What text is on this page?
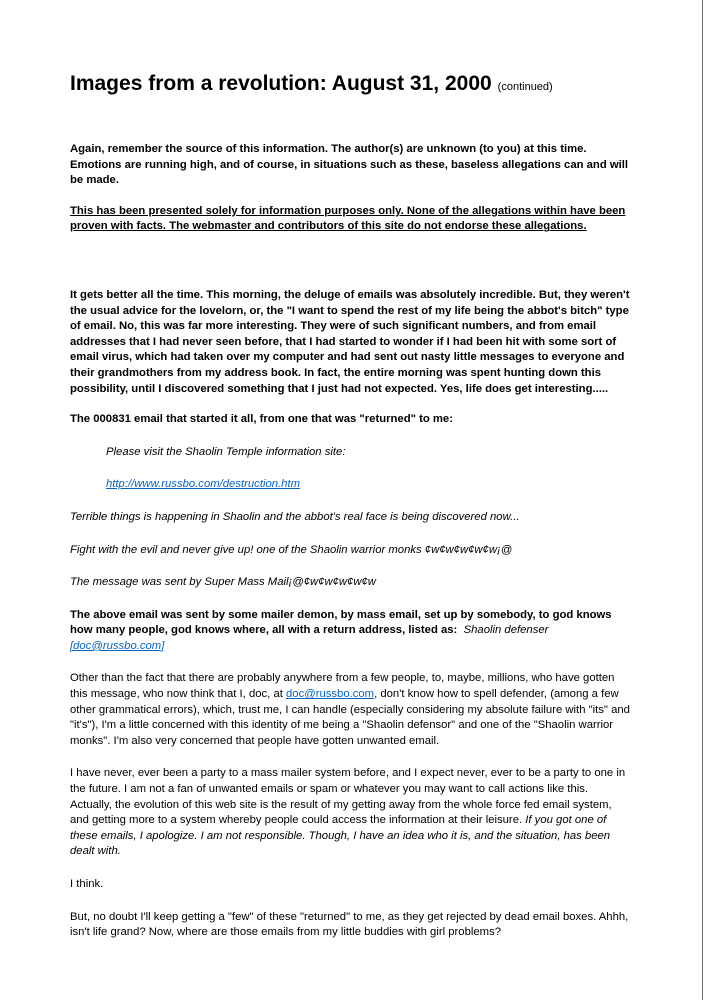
Images from a revolution: August 31, 2000 (continued)

Again, remember the source of this information. The author(s) are unknown (to you) at this time. Emotions are running high, and of course, in situations such as these, baseless allegations can and will be made.

This has been presented solely for information purposes only. None of the allegations within have been proven with facts. The webmaster and contributors of this site do not endorse these allegations.

It gets better all the time. This morning, the deluge of emails was absolutely incredible. But, they weren't the usual advice for the lovelorn, or, the "I want to spend the rest of my life being the abbot's bitch" type of email. No, this was far more interesting. They were of such significant numbers, and from email addresses that I had never seen before, that I had started to wonder if I had been hit with some sort of email virus, which had taken over my computer and had sent out nasty little messages to everyone and their grandmothers from my address book. In fact, the entire morning was spent hunting down this possibility, until I discovered something that I just had not expected. Yes, life does get interesting.....

The 000831 email that started it all, from one that was "returned" to me:

Please visit the Shaolin Temple information site:

http://www.russbo.com/destruction.htm

Terrible things is happening in Shaolin and the abbot's real face is being discovered now...

Fight with the evil and never give up! one of the Shaolin warrior monks ¢w¢w¢w¢w¢w¡@

The message was sent by Super Mass Mail¡@¢w¢w¢w¢w¢w

The above email was sent by some mailer demon, by mass email, set up by somebody, to god knows how many people, god knows where, all with a return address, listed as: Shaolin defenser [doc@russbo.com]

Other than the fact that there are probably anywhere from a few people, to, maybe, millions, who have gotten this message, who now think that I, doc, at doc@russbo.com, don't know how to spell defender, (among a few other grammatical errors), which, trust me, I can handle (especially considering my absolute failure with "its" and "it's"), I'm a little concerned with this identity of me being a "Shaolin defensor" and one of the "Shaolin warrior monks". I'm also very concerned that people have gotten unwanted email.

I have never, ever been a party to a mass mailer system before, and I expect never, ever to be a party to one in the future. I am not a fan of unwanted emails or spam or whatever you may want to call actions like this. Actually, the evolution of this web site is the result of my getting away from the whole force fed email system, and getting more to a system whereby people could access the information at their leisure. If you got one of these emails, I apologize. I am not responsible. Though, I have an idea who it is, and the situation, has been dealt with.

I think.

But, no doubt I'll keep getting a "few" of these "returned" to me, as they get rejected by dead email boxes. Ahhh, isn't life grand? Now, where are those emails from my little buddies with girl problems?
